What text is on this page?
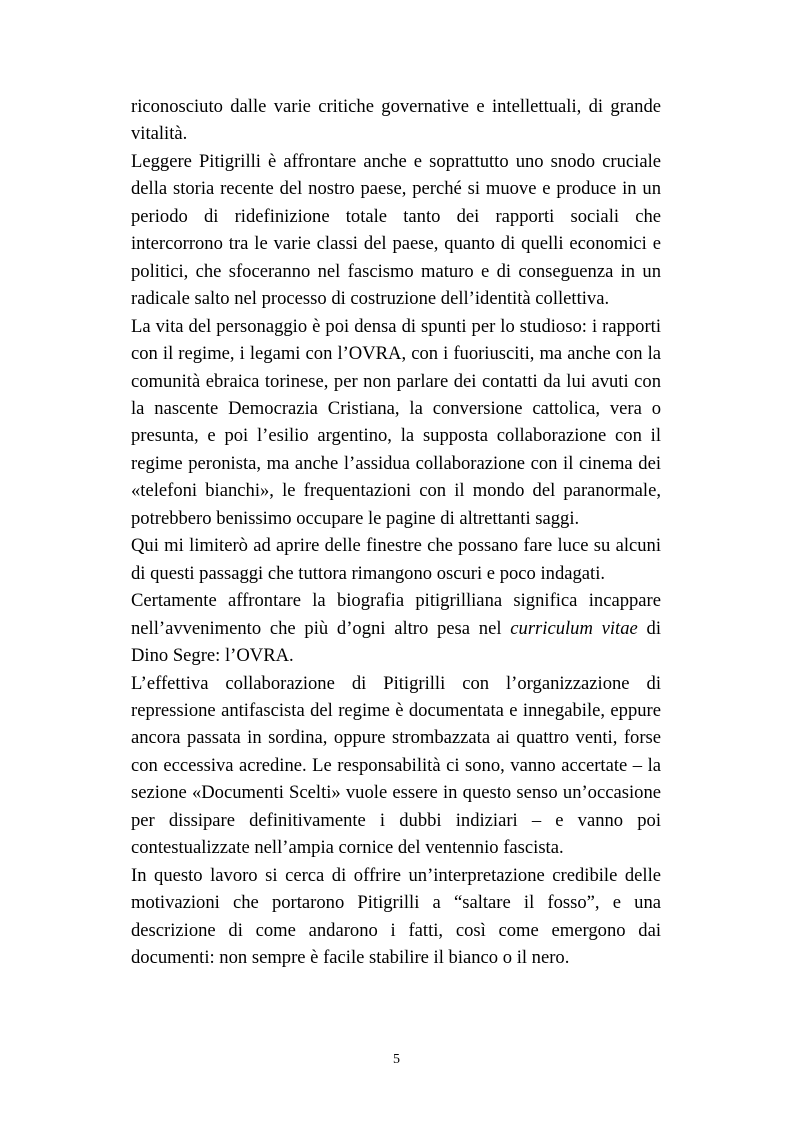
riconosciuto dalle varie critiche governative e intellettuali, di grande vitalità.

Leggere Pitigrilli è affrontare anche e soprattutto uno snodo cruciale della storia recente del nostro paese, perché si muove e produce in un periodo di ridefinizione totale tanto dei rapporti sociali che intercorrono tra le varie classi del paese, quanto di quelli economici e politici, che sfoceranno nel fascismo maturo e di conseguenza in un radicale salto nel processo di costruzione dell’identità collettiva.

La vita del personaggio è poi densa di spunti per lo studioso: i rapporti con il regime, i legami con l’OVRA, con i fuoriusciti, ma anche con la comunità ebraica torinese, per non parlare dei contatti da lui avuti con la nascente Democrazia Cristiana, la conversione cattolica, vera o presunta, e poi l’esilio argentino, la supposta collaborazione con il regime peronista, ma anche l’assidua collaborazione con il cinema dei «telefoni bianchi», le frequentazioni con il mondo del paranormale, potrebbero benissimo occupare le pagine di altrettanti saggi.

Qui mi limiterò ad aprire delle finestre che possano fare luce su alcuni di questi passaggi che tuttora rimangono oscuri e poco indagati.

Certamente affrontare la biografia pitigrilliana significa incappare nell’avvenimento che più d’ogni altro pesa nel curriculum vitae di Dino Segre: l’OVRA.

L’effettiva collaborazione di Pitigrilli con l’organizzazione di repressione antifascista del regime è documentata e innegabile, eppure ancora passata in sordina, oppure strombazzata ai quattro venti, forse con eccessiva acredine. Le responsabilità ci sono, vanno accertate – la sezione «Documenti Scelti» vuole essere in questo senso un’occasione per dissipare definitivamente i dubbi indiziari – e vanno poi contestualizzate nell’ampia cornice del ventennio fascista.

In questo lavoro si cerca di offrire un’interpretazione credibile delle motivazioni che portarono Pitigrilli a “saltare il fosso”, e una descrizione di come andarono i fatti, così come emergono dai documenti: non sempre è facile stabilire il bianco o il nero.

5
